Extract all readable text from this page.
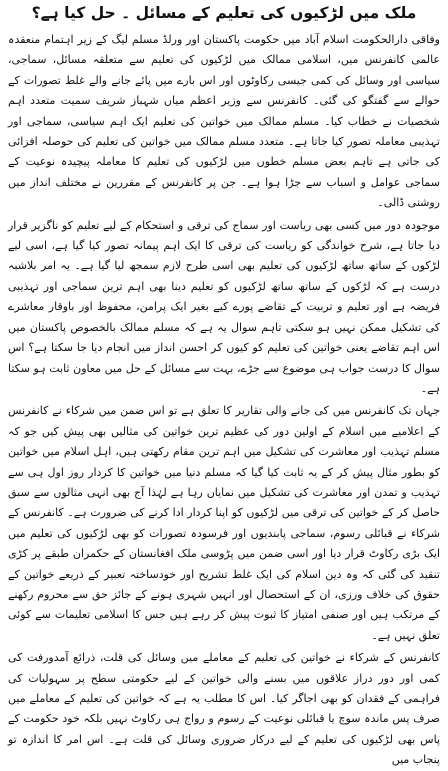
ملک میں لڑکیوں کی تعلیم کے مسائل ۔ حل کیا ہے؟

وفاقی دارالحکومت اسلام آباد میں حکومت پاکستان اور ورلڈ مسلم لیگ کے زیر اہتمام منعقدہ عالمی کانفرنس میں، اسلامی ممالک میں لڑکیوں کی تعلیم سے متعلقہ مسائل، سماجی، سیاسی اور وسائل کی کمی جیسی رکاوٹوں اور اس بارے میں پائے جانے والے غلط تصورات کے حوالے سے گفتگو کی گئی۔ کانفرنس سے وزیر اعظم میاں شہباز شریف سمیت متعدد اہم شخصیات نے خطاب کیا۔ مسلم ممالک میں خواتین کی تعلیم ایک اہم سیاسی، سماجی اور تہذیبی معاملہ تصور کیا جاتا ہے۔ متعدد مسلم ممالک میں خواتین کی تعلیم کی حوصلہ افزائی کی جاتی ہے تاہم بعض مسلم خطوں میں لڑکیوں کی تعلیم کا معاملہ پیچیدہ نوعیت کے سماجی عوامل و اسباب سے جڑا ہوا ہے۔ جن پر کانفرنس کے مقررین نے مختلف انداز میں روشنی ڈالی۔

موجودہ دور میں کسی بھی ریاست اور سماج کی ترقی و استحکام کے لیے تعلیم کو ناگزیر قرار دیا جاتا ہے، شرح خواندگی کو ریاست کی ترقی کا ایک اہم پیمانہ تصور کیا گیا ہے، اسی لیے لڑکوں کے ساتھ ساتھ لڑکیوں کی تعلیم بھی اسی طرح لازم سمجھ لیا گیا ہے۔ یہ امر بلاشبہ درست ہے کہ لڑکوں کے ساتھ ساتھ لڑکیوں کو تعلیم دینا بھی اہم ترین سماجی اور تہذیبی فریضہ ہے اور تعلیم و تربیت کے تقاضے پورے کیے بغیر ایک پرامن، محفوظ اور باوقار معاشرے کی تشکیل ممکن نہیں ہو سکتی تاہم سوال یہ ہے کہ مسلم ممالک بالخصوص پاکستان میں اس اہم تقاضے یعنی خواتین کی تعلیم کو کیوں کر احسن انداز میں انجام دیا جا سکتا ہے؟ اس سوال کا درست جواب ہی موضوع سے جڑے، بہت سے مسائل کے حل میں معاون ثابت ہو سکتا ہے۔

جہاں تک کانفرنس میں کی جانے والی تقاریر کا تعلق ہے تو اس ضمن میں شرکاء نے کانفرنس کے اعلامیے میں اسلام کے اولین دور کی عظیم ترین خواتین کی مثالیں بھی پیش کیں جو کہ مسلم تہذیب اور معاشرت کی تشکیل میں اہم ترین مقام رکھتی ہیں، اہل اسلام میں خواتین کو بطور مثال پیش کر کے یہ ثابت کیا گیا کہ مسلم دنیا میں خواتین کا کردار روز اول ہی سے تہذیب و تمدن اور معاشرت کی تشکیل میں نمایاں رہا ہے لہٰذا آج بھی انہی مثالوں سے سبق حاصل کر کے خواتین کی ترقی میں لڑکیوں کو اپنا کردار ادا کرنے کی ضرورت ہے۔ کانفرنس کے شرکاء نے قبائلی رسوم، سماجی پابندیوں اور فرسودہ تصورات کو بھی لڑکیوں کی تعلیم میں ایک بڑی رکاوٹ قرار دیا اور اسی ضمن میں پڑوسی ملک افغانستان کے حکمران طبقے پر کڑی تنقید کی گئی کہ وہ دین اسلام کی ایک غلط تشریح اور خودساختہ تعبیر کے ذریعے خواتین کے حقوق کی خلاف ورزی، ان کے استحصال اور انہیں شہری ہونے کے جائز حق سے محروم رکھنے کے مرتکب ہیں اور صنفی امتیاز کا ثبوت پیش کر رہے ہیں جس کا اسلامی تعلیمات سے کوئی تعلق نہیں ہے۔

کانفرنس کے شرکاء نے خواتین کی تعلیم کے معاملے میں وسائل کی قلت، ذرائع آمدورفت کی کمی اور دور دراز علاقوں میں بسنے والی خواتین کے لیے حکومتی سطح پر سہولیات کی فراہمی کے فقدان کو بھی اجاگر کیا۔ اس کا مطلب یہ ہے کہ خواتین کی تعلیم کے معاملے میں صرف پس ماندہ سوچ یا قبائلی نوعیت کے رسوم و رواج ہی رکاوٹ نہیں بلکہ خود حکومت کے پاس بھی لڑکیوں کی تعلیم کے لیے درکار ضروری وسائل کی قلت ہے۔ اس امر کا اندازہ تو پنجاب میں
